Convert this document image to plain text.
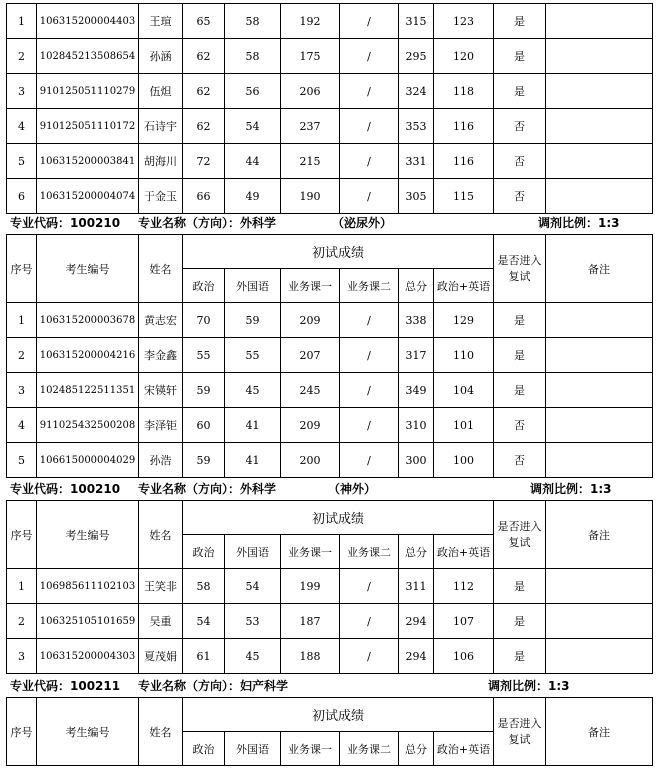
1	106315200004403	王瑄	65	58	192	/	315	123	是	
2	102845213508654	孙涵	62	58	175	/	295	120	是	
3	910125051110279	伍炟	62	56	206	/	324	118	是	
4	910125051110172	石诗宇	62	54	237	/	353	116	否	
5	106315200003841	胡海川	72	44	215	/	331	116	否	
6	106315200004074	于金玉	66	49	190	/	305	115	否	
专业代码：100210 专业名称（方向）：外科学	（泌尿外）	调剂比例：1:3
序号	考生编号	姓名	初试成绩						是否进入复试	备注
			政治	外国语	业务课一	业务课二	总分	政治+英语		
1	106315200003678	黄志宏	70	59	209	/	338	129	是	
2	106315200004216	李金鑫	55	55	207	/	317	110	是	
3	102485122511351	宋锳轩	59	45	245	/	349	104	是	
4	911025432500208	李泽钜	60	41	209	/	310	101	否	
5	106615000004029	孙浩	59	41	200	/	300	100	否	
专业代码：100210 专业名称（方向）：外科学	（神外）	调剂比例：1:3
序号	考生编号	姓名	初试成绩						是否进入复试	备注
			政治	外国语	业务课一	业务课二	总分	政治+英语		
1	106985611102103	王笑非	58	54	199	/	311	112	是	
2	106325105101659	吴重	54	53	187	/	294	107	是	
3	106315200004303	夏茂娟	61	45	188	/	294	106	是	
专业代码：100211 专业名称（方向）：妇产科学	调剂比例：1:3
序号	考生编号	姓名	初试成绩						是否进入复试	备注
			政治	外国语	业务课一	业务课二	总分	政治+英语		
